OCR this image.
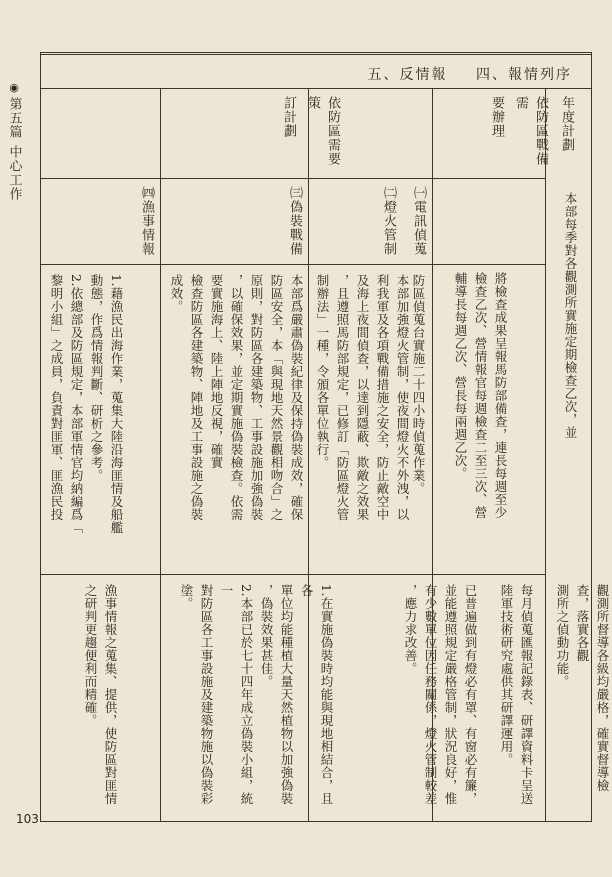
◉
第五篇
中心工作
103
五、反情報 四、報情列序
年度計劃
依防區戰備需
要辦理
依防區需要策
訂計劃
本部每季對各觀測所實施定期檢查乙次，並
將檢查成果呈報馬防部備查，連長每週至少
檢查乙次、營情報官每週檢查二至三次、營
輔導長每週乙次、營長每兩週乙次。
觀測所督導各級均嚴格，確實督導檢查，落實各觀
測所之偵動功能。
㈠電訊偵蒐
㈡燈火管制
防區偵蒐台實施二十四小時偵蒐作業。
本部加強燈火管制，使夜間燈火不外洩，以
利我軍及各項戰備措施之安全，防止敵空中
及海上夜間偵查，以達到隱蔽、欺敵之效果
，且遵照馬防部規定，已修訂「防區燈火管
制辦法」一種，令頒各單位執行。
每月偵蒐匯報記錄表、研譯資料卡呈送
陸軍技術研究處供其研譯運用。
已普遍做到有燈必有罩、有窗必有簾，
並能遵照規定嚴格管制，狀況良好，惟
有少數單位因任務關係，燈火管制較差
，應力求改善。
㈢偽裝戰備
本部爲嚴肅偽裝紀律及保持偽裝成效，確保
防區安全，本「與現地天然景觀相吻合」之
原則，對防區各建築物、工事設施加強偽裝
，以確保效果，並定期實施偽裝檢查。依需
要實施海上、陸上陣地反視，確實
檢查防區各建築物、陣地及工事設施之偽裝
成效。
1.在實施偽裝時均能與現地相結合，且各
單位均能種植大量天然植物以加強偽裝
，偽裝效果甚佳。
2.本部已於七十四年成立偽裝小組，統一
對防區各工事設施及建築物施以偽裝彩
塗。
㈣漁事情報
1.藉漁民出海作業，蒐集大陸沿海匪情及船艦
動態，作爲情報判斷、研析之參考。
2.依總部及防區規定，本部軍情官均納編爲「
黎明小組」之成員，負責對匪軍、匪漁民投
漁事情報之蒐集、提供，使防區對匪情
之研判更趨便利而精確。
